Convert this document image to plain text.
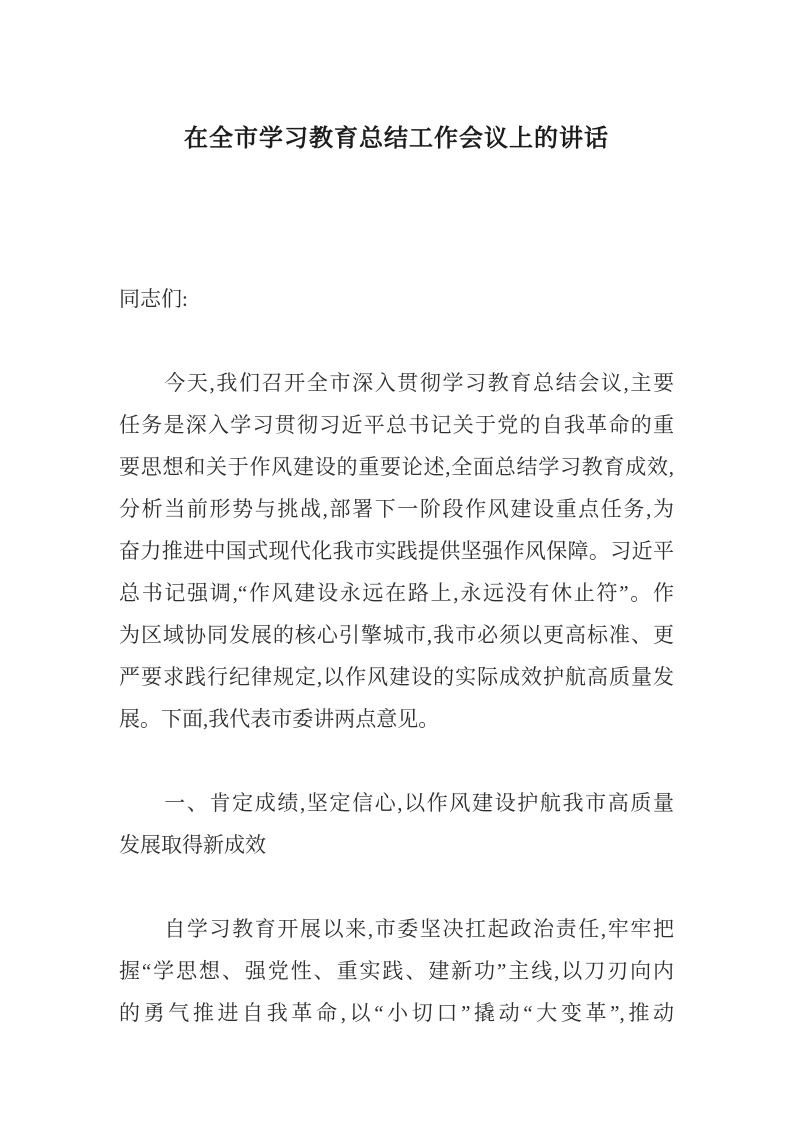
在全市学习教育总结工作会议上的讲话

同志们:

　　今天,我们召开全市深入贯彻学习教育总结会议,主要
任务是深入学习贯彻习近平总书记关于党的自我革命的重
要思想和关于作风建设的重要论述,全面总结学习教育成效,
分析当前形势与挑战,部署下一阶段作风建设重点任务,为
奋力推进中国式现代化我市实践提供坚强作风保障。习近平
总书记强调,“作风建设永远在路上,永远没有休止符”。作
为区域协同发展的核心引擎城市,我市必须以更高标准、更
严要求践行纪律规定,以作风建设的实际成效护航高质量发
展。下面,我代表市委讲两点意见。
　　一、肯定成绩,坚定信心,以作风建设护航我市高质量
发展取得新成效
　　自学习教育开展以来,市委坚决扛起政治责任,牢牢把
握“学思想、强党性、重实践、建新功”主线,以刀刃向内
的勇气推进自我革命,以“小切口”撬动“大变革”,推动
